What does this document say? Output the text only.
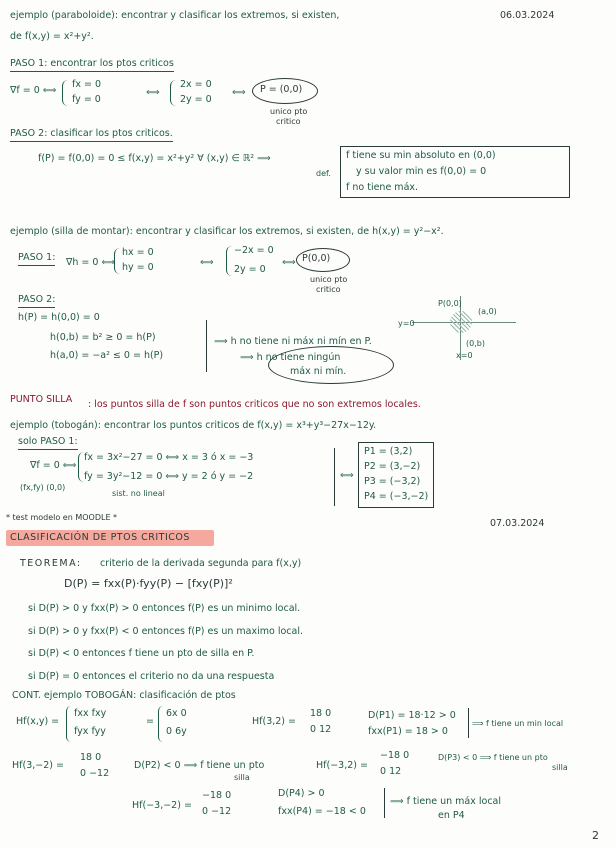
ejemplo (paraboloide): encontrar y clasificar los extremos, si existen,	06.03.2024
de f(x,y) = x²+y².
PASO 1: encontrar los ptos criticos
∇f = 0 ⟺
fx = 0
fy = 0
⟺
2x = 0
2y = 0
⟺ P = (0,0)
unico pto
critico
PASO 2: clasificar los ptos criticos.
f(P) = f(0,0) = 0 ≤ f(x,y) = x²+y² ∀ (x,y) ∈ ℝ² ⟹
def.
f tiene su min absoluto en (0,0)
y su valor min es f(0,0) = 0
f no tiene máx.
ejemplo (silla de montar): encontrar y clasificar los extremos, si existen, de h(x,y) = y²−x².
PASO 1: ∇h = 0 ⟺
hx = 0
hy = 0	⟺
−2x = 0
2y = 0
⟺ P(0,0)
unico pto
critico
PASO 2:
h(P) = h(0,0) = 0
h(0,b) = b² ≥ 0 = h(P)
h(a,0) = −a² ≤ 0 = h(P)
⟹ h no tiene ni máx ni mín en P.
⟹ h no tiene ningún
máx ni mín.
P(0,0)
y=0
(a,0)
(0,b)
x=0
PUNTO SILLA : los puntos silla de f son puntos criticos que no son extremos locales.
ejemplo (tobogán): encontrar los puntos criticos de f(x,y) = x³+y³−27x−12y.
solo PASO 1:
∇f = 0 ⟺
(fx,fy) (0,0)
fx = 3x²−27 = 0 ⟺ x = 3 ó x = −3
fy = 3y²−12 = 0 ⟺ y = 2 ó y = −2
sist. no lineal
⟺
P1 = (3,2)
P2 = (3,−2)
P3 = (−3,2)
P4 = (−3,−2)
* test modelo en MOODLE *
07.03.2024
CLASIFICACIÓN DE PTOS CRITICOS
TEOREMA: criterio de la derivada segunda para f(x,y)
D(P) = fxx(P)·fyy(P) − [fxy(P)]²
si D(P) > 0 y fxx(P) > 0 entonces f(P) es un minimo local.
si D(P) > 0 y fxx(P) < 0 entonces f(P) es un maximo local.
si D(P) < 0 entonces f tiene un pto de silla en P.
si D(P) = 0 entonces el criterio no da una respuesta
CONT. ejemplo TOBOGÁN: clasificación de ptos
Hf(x,y) =
fxx fxy
fyx fyy
=
6x 0
0 6y
Hf(3,2) =
18 0
0 12
D(P1) = 18·12 > 0
fxx(P1) = 18 > 0
⟹ f tiene un min local
Hf(3,−2) =
18 0
0 −12
D(P2) < 0 ⟹ f tiene un pto
silla
Hf(−3,2) =
−18 0
0 12
D(P3) < 0 ⟹ f tiene un pto
silla
Hf(−3,−2) =
−18 0
0 −12
D(P4) > 0
fxx(P4) = −18 < 0
⟹ f tiene un máx local
en P4
2
